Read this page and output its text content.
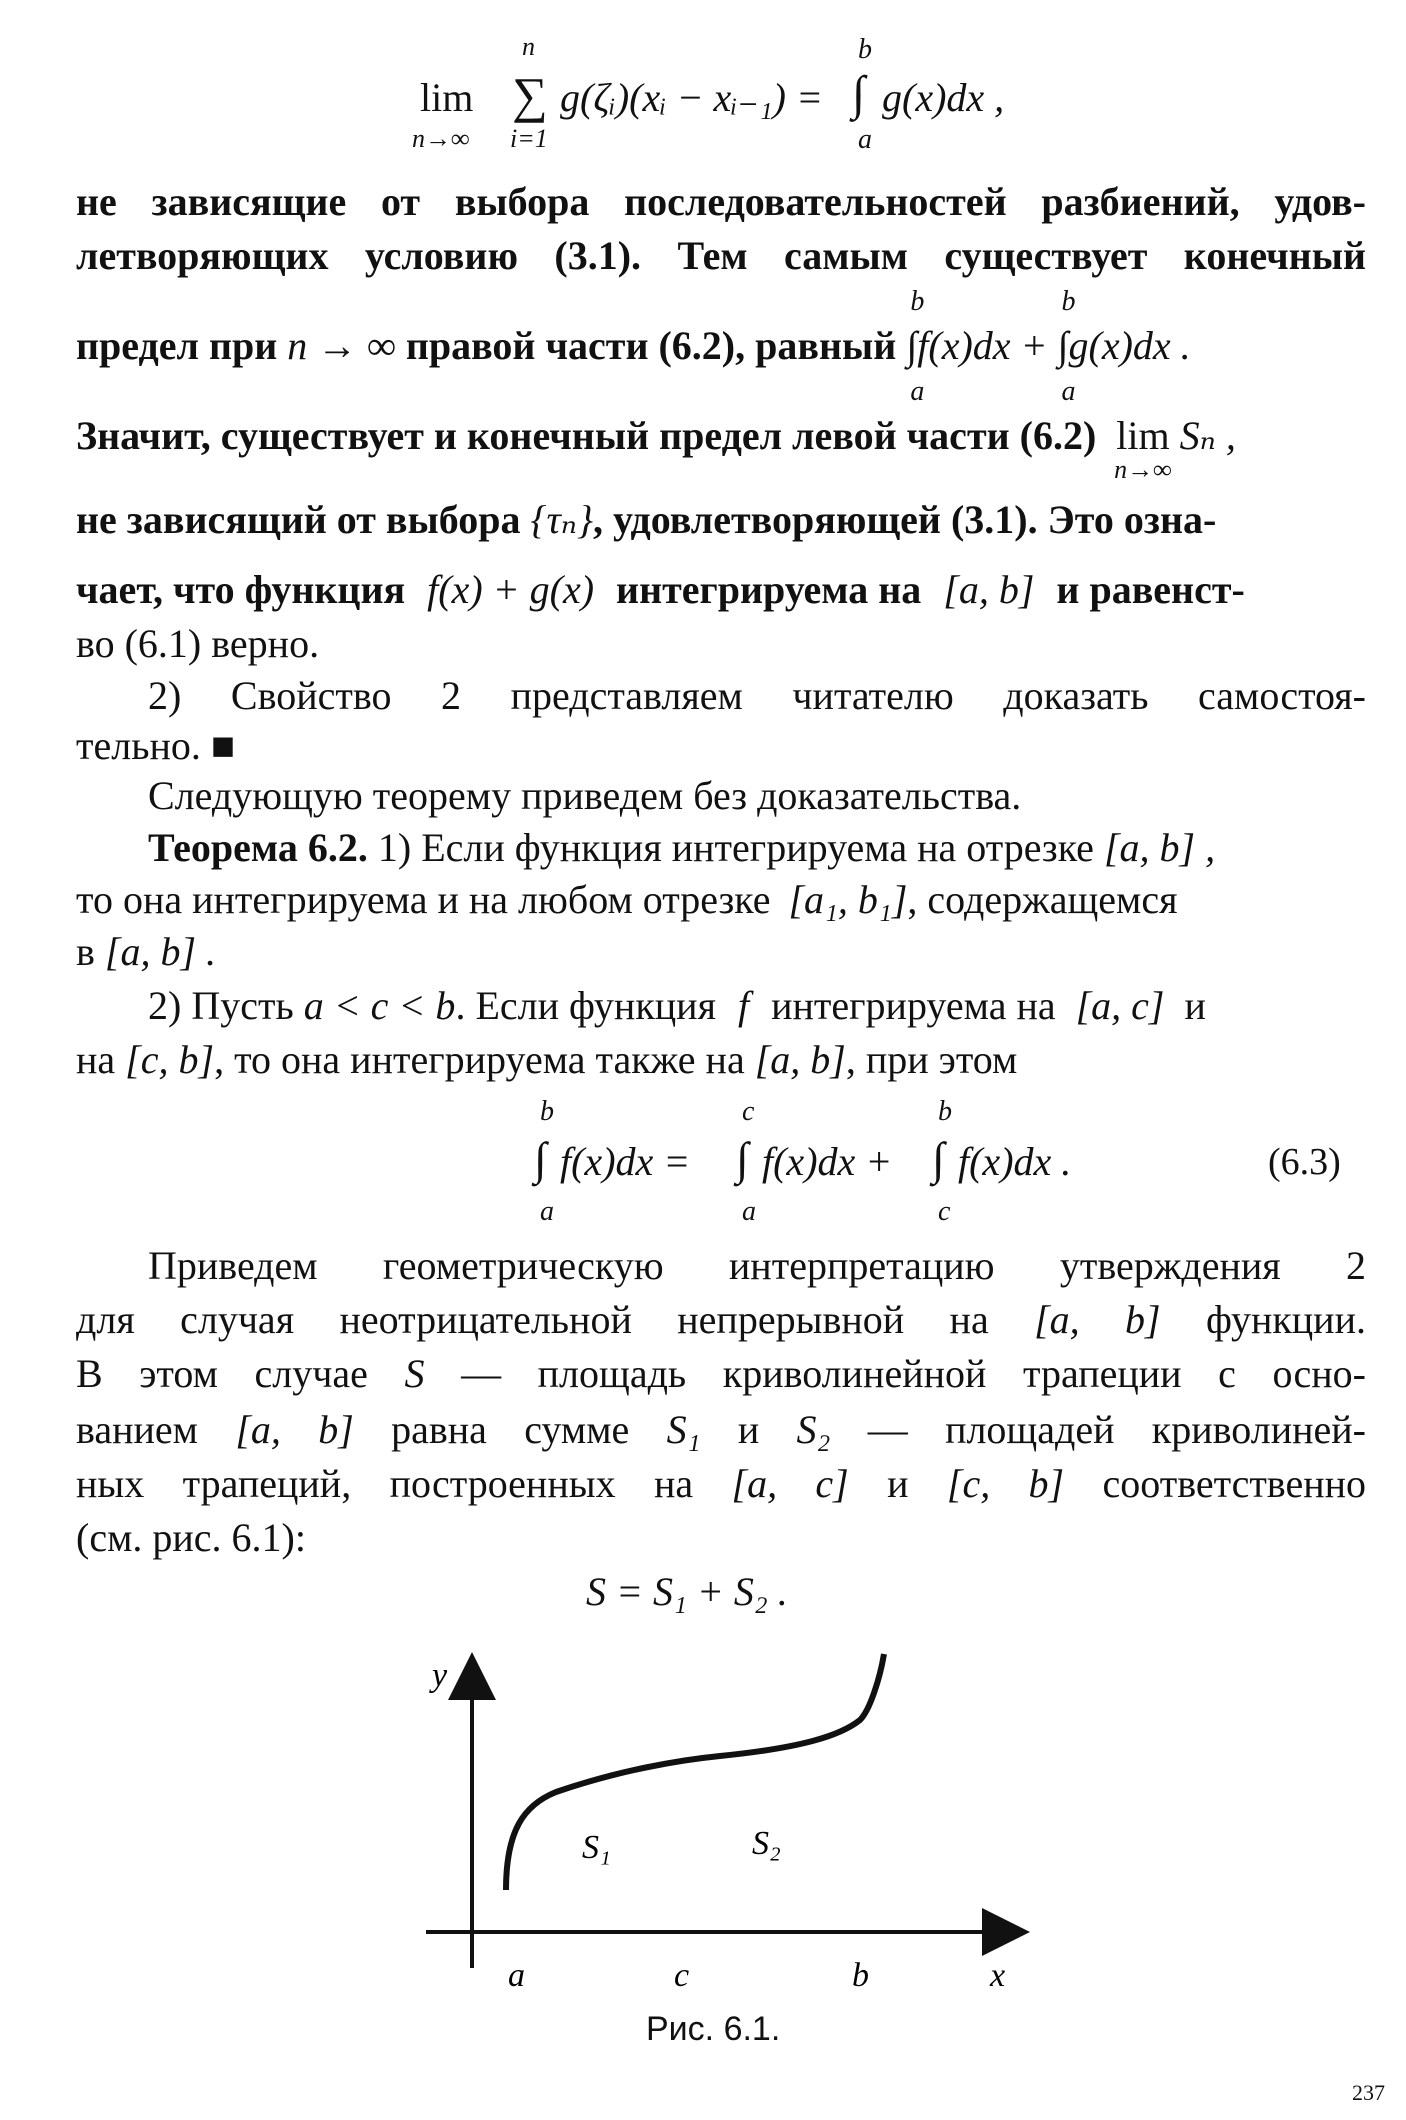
lim
n→∞
n
∑
i=1
g(ζᵢ)(xᵢ − xᵢ₋₁) =
b
∫
a
g(x)dx ,
не зависящие от выбора последовательностей разбиений, удов-
летворяющих условию (3.1). Тем самым существует конечный
предел при n → ∞ правой части (6.2), равный
b
∫
a
f(x)dx +
b
∫
a
g(x)dx .
Значит, существует и конечный предел левой части (6.2) lim
n→∞
Sₙ ,
не зависящий от выбора {τₙ}, удовлетворяющей (3.1). Это озна-
чает, что функция f(x) + g(x) интегрируема на [a, b] и равенст-
во (6.1) верно.
2) Свойство 2 представляем читателю доказать самостоя-
тельно. ■
Следующую теорему приведем без доказательства.
Теорема 6.2. 1) Если функция интегрируема на отрезке [a, b] ,
то она интегрируема и на любом отрезке [a₁, b₁], содержащемся
в [a, b] .
2) Пусть a < c < b. Если функция f интегрируема на [a, c] и
на [c, b], то она интегрируема также на [a, b], при этом
b
∫
a
f(x)dx =
c
∫
a
f(x)dx +
b
∫
c
f(x)dx .	(6.3)
Приведем геометрическую интерпретацию утверждения 2
для случая неотрицательной непрерывной на [a, b] функции.
В этом случае S — площадь криволинейной трапеции с осно-
ванием [a, b] равна сумме S₁ и S₂ — площадей криволиней-
ных трапеций, построенных на [a, c] и [c, b] соответственно
(см. рис. 6.1):
S = S₁ + S₂ .
y
x
a	c	b
S₁	S₂
Рис. 6.1.
237
